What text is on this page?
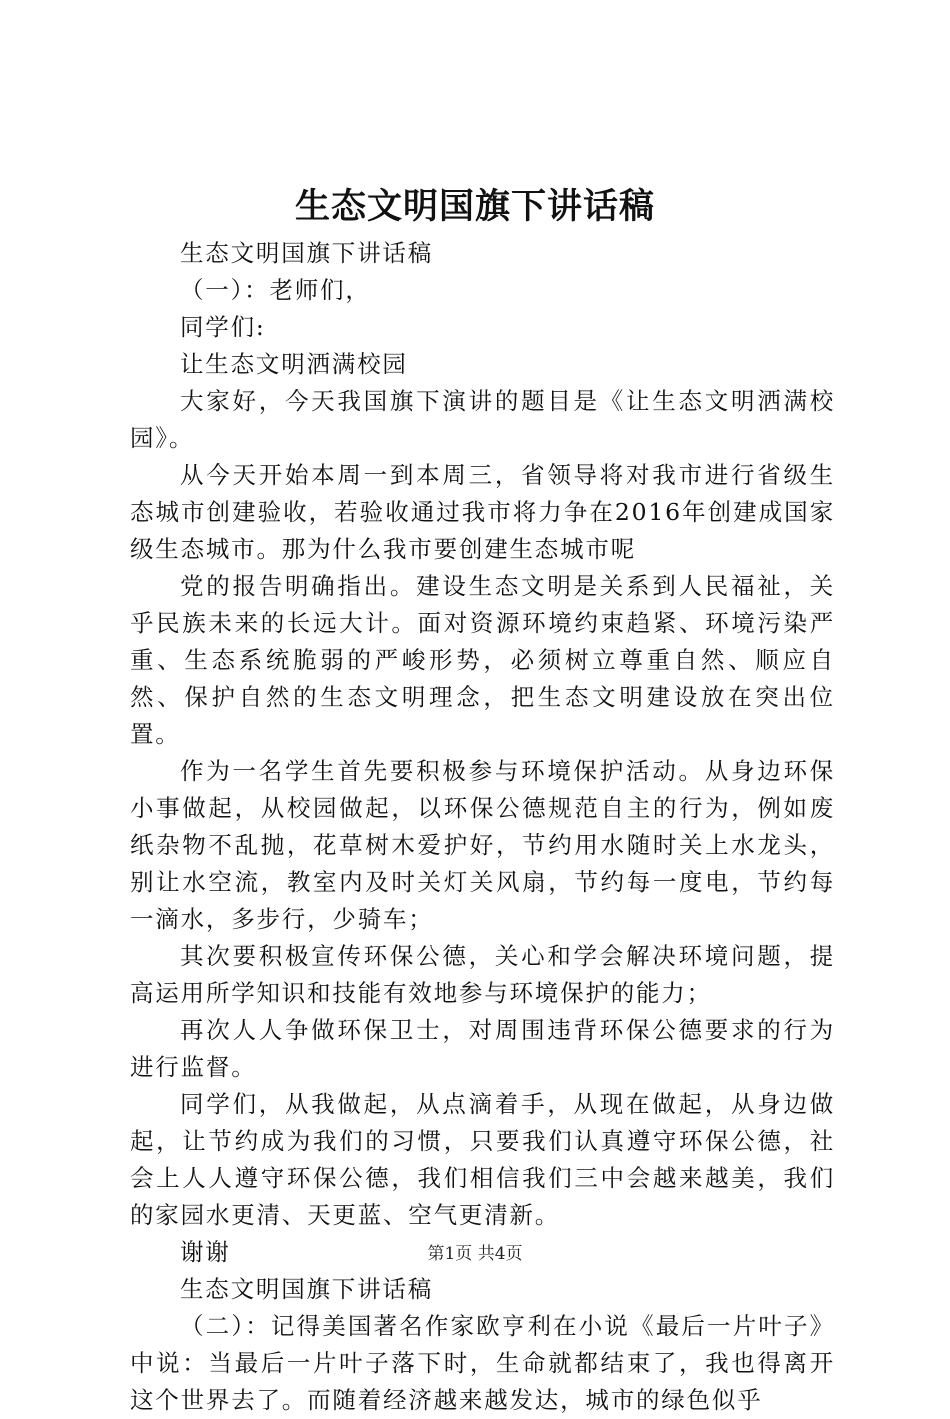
生态文明国旗下讲话稿

生态文明国旗下讲话稿

（一）：老师们，

同学们:

让生态文明洒满校园

大家好，今天我国旗下演讲的题目是《让生态文明洒满校园》。

从今天开始本周一到本周三，省领导将对我市进行省级生态城市创建验收，若验收通过我市将力争在2016年创建成国家级生态城市。那为什么我市要创建生态城市呢

党的报告明确指出。建设生态文明是关系到人民福祉，关乎民族未来的长远大计。面对资源环境约束趋紧、环境污染严重、生态系统脆弱的严峻形势，必须树立尊重自然、顺应自然、保护自然的生态文明理念，把生态文明建设放在突出位置。

作为一名学生首先要积极参与环境保护活动。从身边环保小事做起，从校园做起，以环保公德规范自主的行为，例如废纸杂物不乱抛，花草树木爱护好，节约用水随时关上水龙头，别让水空流，教室内及时关灯关风扇，节约每一度电，节约每一滴水，多步行，少骑车；

其次要积极宣传环保公德，关心和学会解决环境问题，提高运用所学知识和技能有效地参与环境保护的能力；

再次人人争做环保卫士，对周围违背环保公德要求的行为进行监督。

同学们，从我做起，从点滴着手，从现在做起，从身边做起，让节约成为我们的习惯，只要我们认真遵守环保公德，社会上人人遵守环保公德，我们相信我们三中会越来越美，我们的家园水更清、天更蓝、空气更清新。

谢谢

生态文明国旗下讲话稿

（二）：记得美国著名作家欧亨利在小说《最后一片叶子》中说：当最后一片叶子落下时，生命就都结束了，我也得离开这个世界去了。而随着经济越来越发达，城市的绿色似乎

第1页 共4页
